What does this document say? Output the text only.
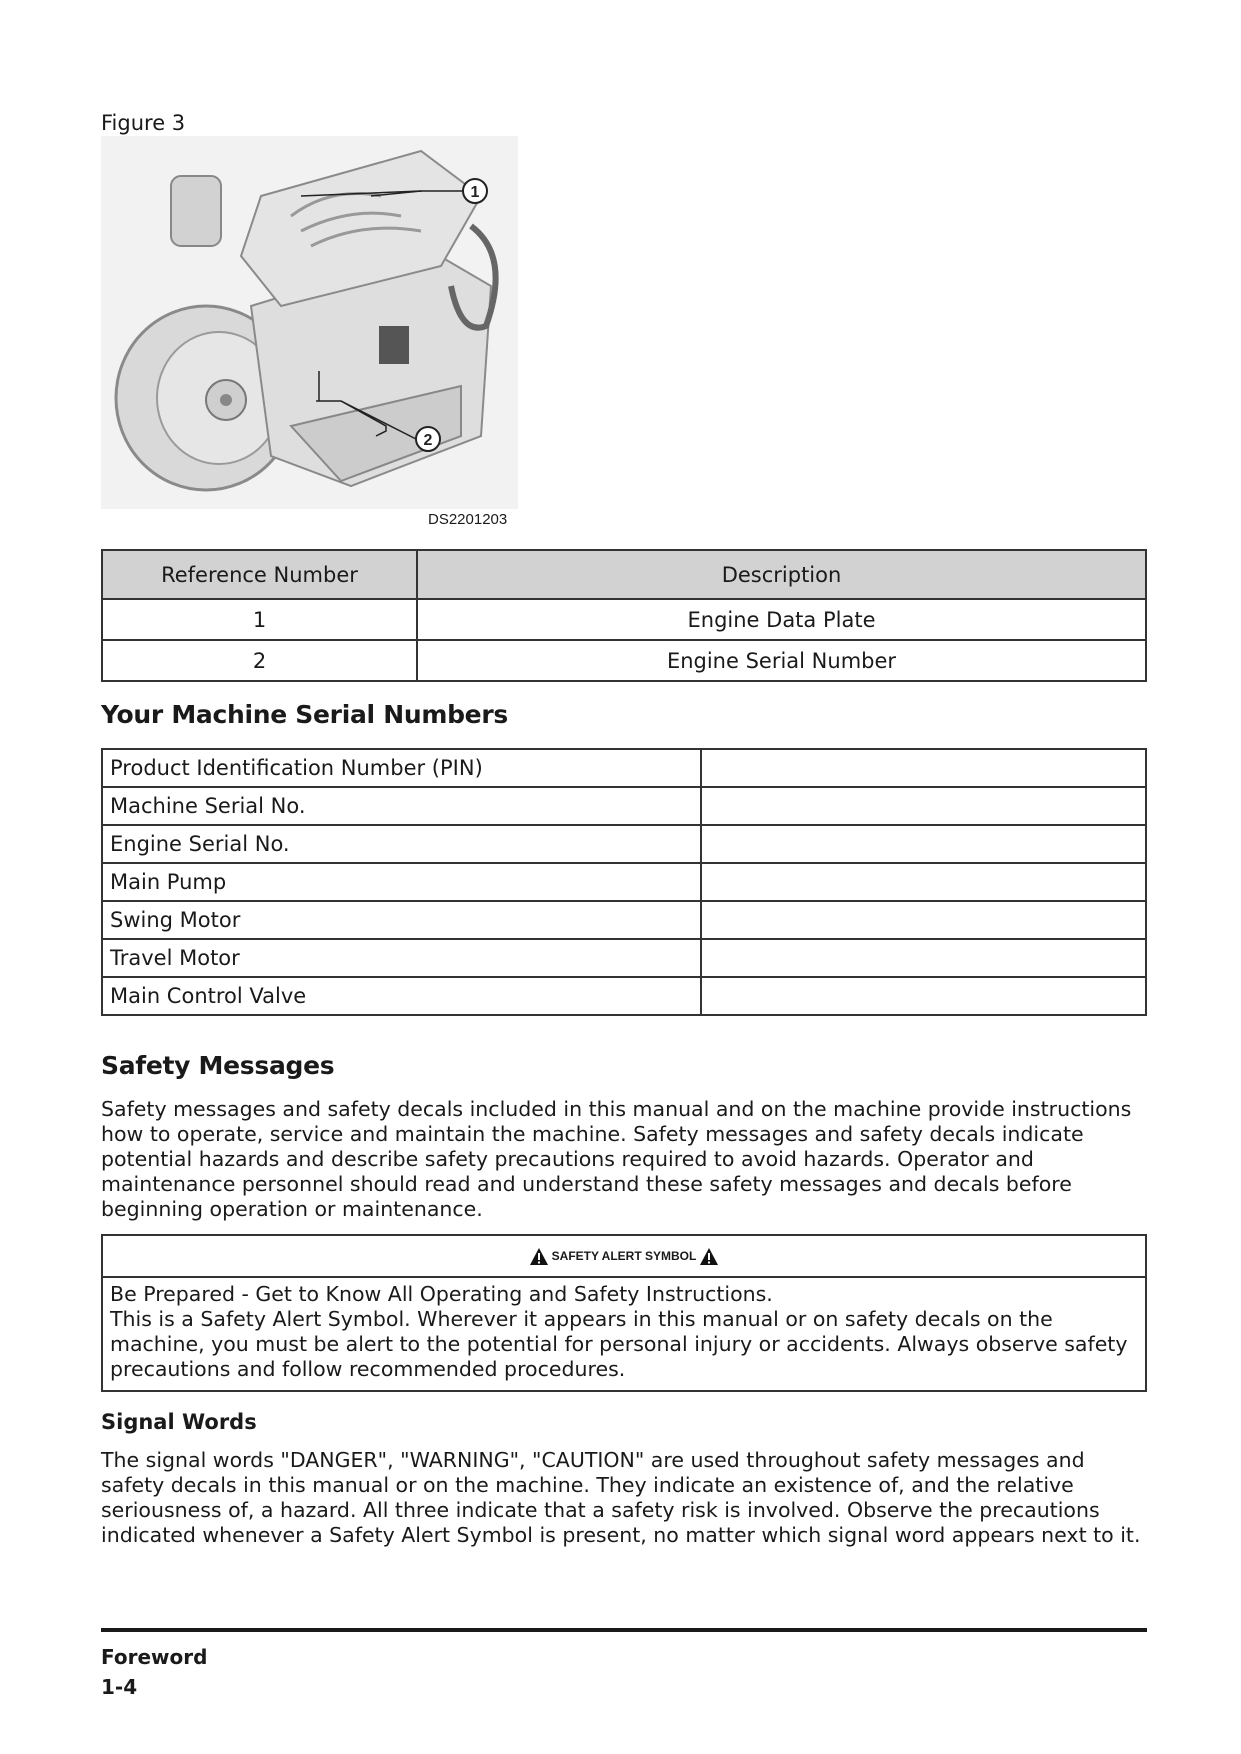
Figure 3
1
2
DS2201203
Reference Number	Description
1	Engine Data Plate
2	Engine Serial Number
Your Machine Serial Numbers
Product Identification Number (PIN)	
Machine Serial No.	
Engine Serial No.	
Main Pump	
Swing Motor	
Travel Motor	
Main Control Valve	
Safety Messages

Safety messages and safety decals included in this manual and on the machine provide instructions how to operate, service and maintain the machine. Safety messages and safety decals indicate potential hazards and describe safety precautions required to avoid hazards. Operator and maintenance personnel should read and understand these safety messages and decals before beginning operation or maintenance.

SAFETY ALERT SYMBOL
Be Prepared - Get to Know All Operating and Safety Instructions.
This is a Safety Alert Symbol. Wherever it appears in this manual or on safety decals on the machine, you must be alert to the potential for personal injury or accidents. Always observe safety precautions and follow recommended procedures.
Signal Words

The signal words "DANGER", "WARNING", "CAUTION" are used throughout safety messages and safety decals in this manual or on the machine. They indicate an existence of, and the relative seriousness of, a hazard. All three indicate that a safety risk is involved. Observe the precautions indicated whenever a Safety Alert Symbol is present, no matter which signal word appears next to it.

Foreword
1-4
